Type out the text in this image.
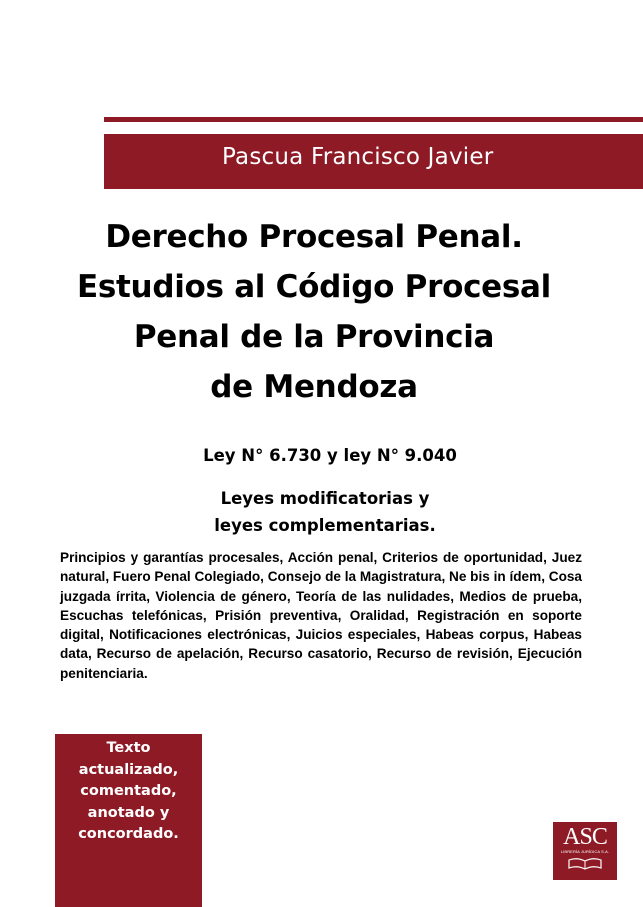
Pascua Francisco Javier
Derecho Procesal Penal.
Estudios al Código Procesal
Penal de la Provincia
de Mendoza
Ley N° 6.730 y ley N° 9.040
Leyes modificatorias y
leyes complementarias.
Principios y garantías procesales, Acción penal, Criterios de oportunidad, Juez natural, Fuero Penal Colegiado, Consejo de la Magistratura, Ne bis in ídem, Cosa juzgada írrita, Violencia de género, Teoría de las nulidades, Medios de prueba, Escuchas telefónicas, Prisión preventiva, Oralidad, Registración en soporte digital, Notificaciones electrónicas, Juicios especiales, Habeas corpus, Habeas data, Recurso de apelación, Recurso casatorio, Recurso de revisión, Ejecución penitenciaria.
Texto
actualizado,
comentado,
anotado y
concordado.	ASC
LIBRERÍA JURÍDICA S.A.
